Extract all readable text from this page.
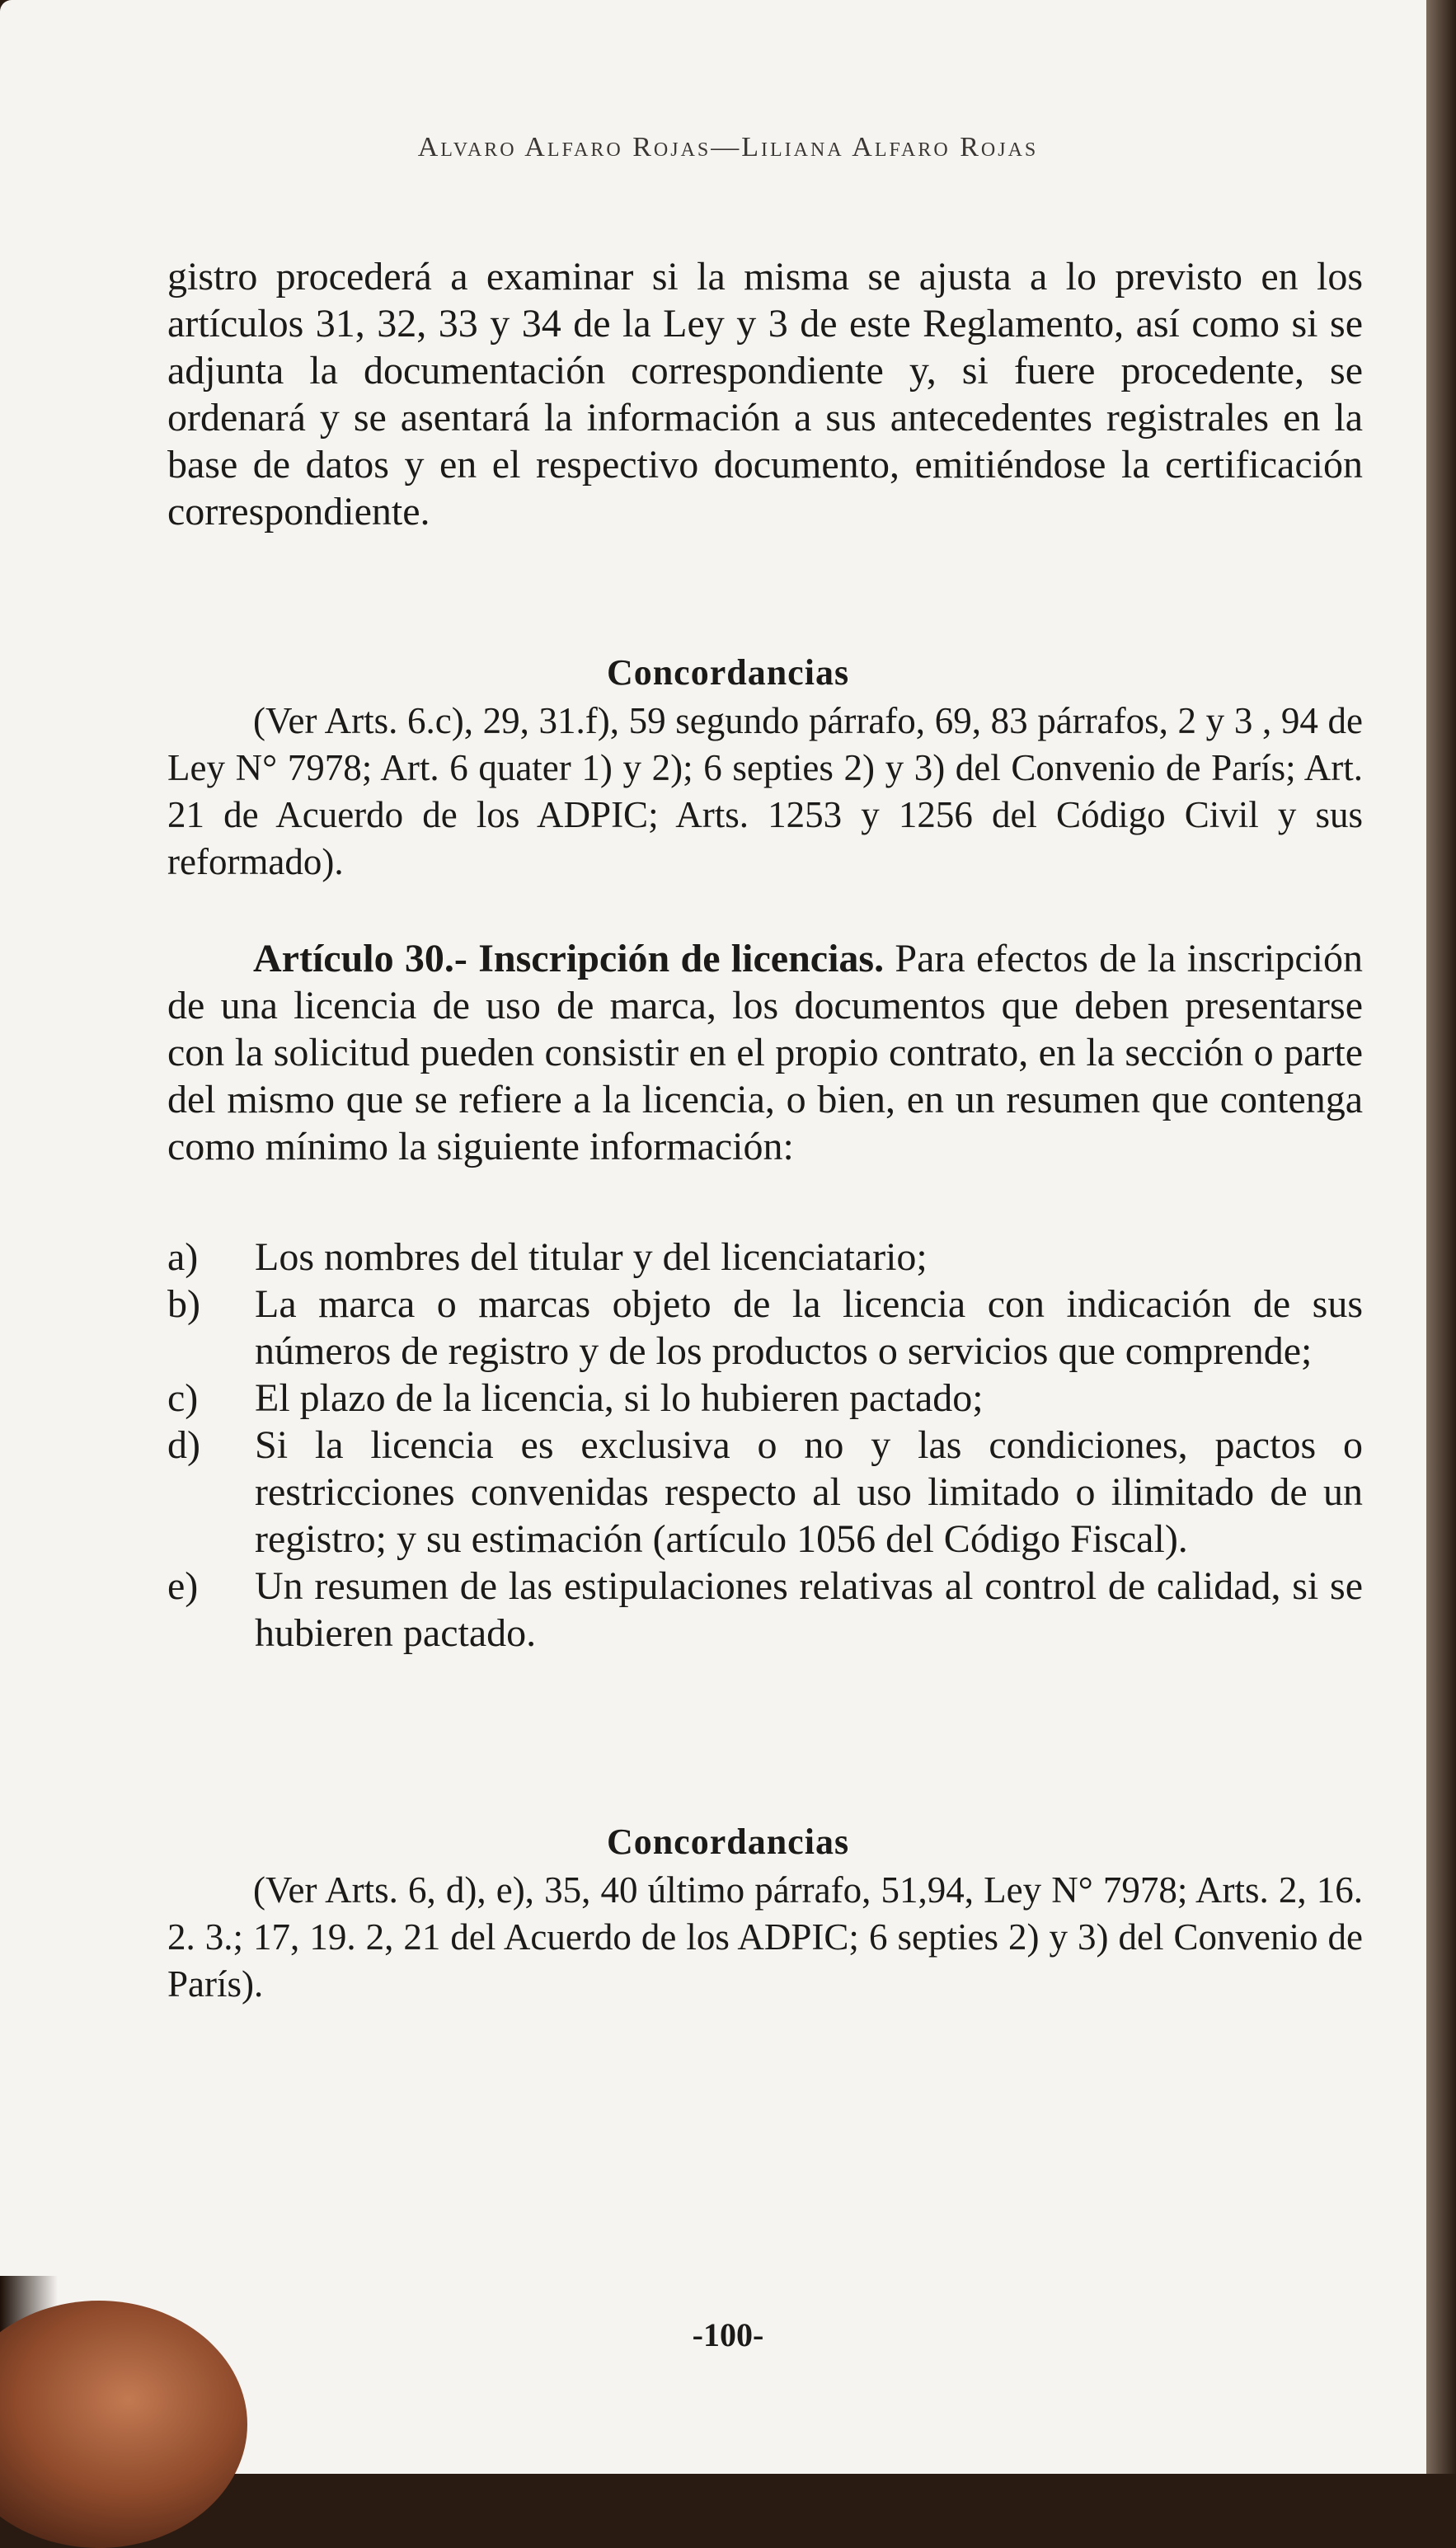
Alvaro Alfaro Rojas—Liliana Alfaro Rojas

gistro procederá a examinar si la misma se ajusta a lo previsto en los artículos 31, 32, 33 y 34 de la Ley y 3 de este Reglamento, así como si se adjunta la documentación correspondiente y, si fuere procedente, se ordenará y se asentará la información a sus antecedentes registrales en la base de datos y en el respectivo documento, emitiéndose la certificación correspondiente.

Concordancias
(Ver Arts. 6.c), 29, 31.f), 59 segundo párrafo, 69, 83 párrafos, 2 y 3 , 94 de Ley N° 7978; Art. 6 quater 1) y 2); 6 septies 2) y 3) del Convenio de París; Art. 21 de Acuerdo de los ADPIC; Arts. 1253 y 1256 del Código Civil y sus reformado).

Artículo 30.- Inscripción de licencias. Para efectos de la inscripción de una licencia de uso de marca, los documentos que deben presentarse con la solicitud pueden consistir en el propio contrato, en la sección o parte del mismo que se refiere a la licencia, o bien, en un resumen que contenga como mínimo la siguiente información:

a)	Los nombres del titular y del licenciatario;
b)	La marca o marcas objeto de la licencia con indicación de sus números de registro y de los productos o servicios que comprende;
c)	El plazo de la licencia, si lo hubieren pactado;
d)	Si la licencia es exclusiva o no y las condiciones, pactos o restricciones convenidas respecto al uso limitado o ilimitado de un registro; y su estimación (artículo 1056 del Código Fiscal).
e)	Un resumen de las estipulaciones relativas al control de calidad, si se hubieren pactado.
Concordancias
(Ver Arts. 6, d), e), 35, 40 último párrafo, 51,94, Ley N° 7978; Arts. 2, 16. 2. 3.; 17, 19. 2, 21 del Acuerdo de los ADPIC; 6 septies 2) y 3) del Convenio de París).
-100-
